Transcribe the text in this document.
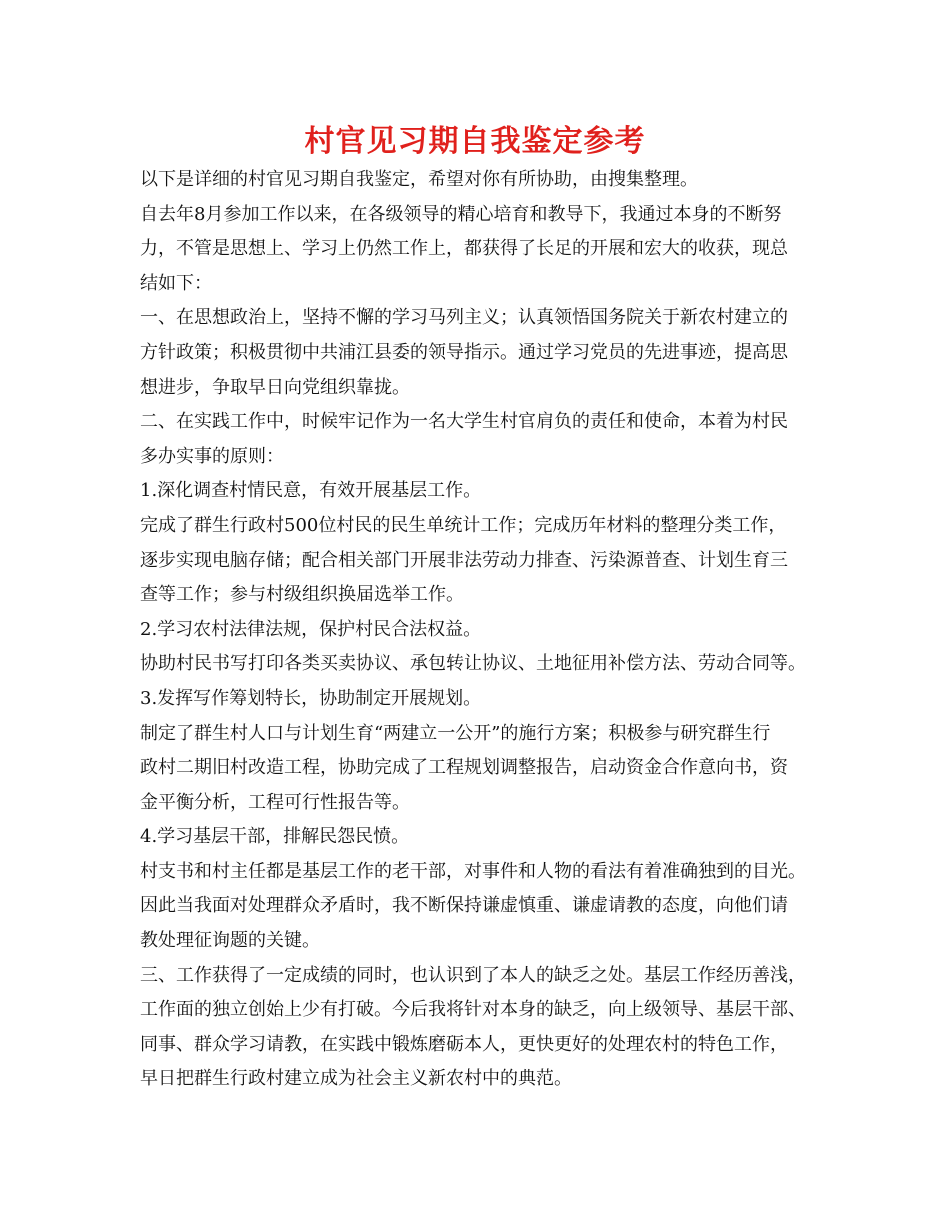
村官见习期自我鉴定参考
以下是详细的村官见习期自我鉴定，希望对你有所协助，由搜集整理。
自去年8月参加工作以来，在各级领导的精心培育和教导下，我通过本身的不断努
力，不管是思想上、学习上仍然工作上，都获得了长足的开展和宏大的收获，现总
结如下：
一、在思想政治上，坚持不懈的学习马列主义；认真领悟国务院关于新农村建立的
方针政策；积极贯彻中共浦江县委的领导指示。通过学习党员的先进事迹，提高思
想进步，争取早日向党组织靠拢。
二、在实践工作中，时候牢记作为一名大学生村官肩负的责任和使命，本着为村民
多办实事的原则：
1.深化调查村情民意，有效开展基层工作。
完成了群生行政村500位村民的民生单统计工作；完成历年材料的整理分类工作，
逐步实现电脑存储；配合相关部门开展非法劳动力排查、污染源普查、计划生育三
查等工作；参与村级组织换届选举工作。
2.学习农村法律法规，保护村民合法权益。
协助村民书写打印各类买卖协议、承包转让协议、土地征用补偿方法、劳动合同等。
3.发挥写作筹划特长，协助制定开展规划。
制定了群生村人口与计划生育“两建立一公开”的施行方案；积极参与研究群生行
政村二期旧村改造工程，协助完成了工程规划调整报告，启动资金合作意向书，资
金平衡分析，工程可行性报告等。
4.学习基层干部，排解民怨民愤。
村支书和村主任都是基层工作的老干部，对事件和人物的看法有着准确独到的目光。
因此当我面对处理群众矛盾时，我不断保持谦虚慎重、谦虚请教的态度，向他们请
教处理征询题的关键。
三、工作获得了一定成绩的同时，也认识到了本人的缺乏之处。基层工作经历善浅，
工作面的独立创始上少有打破。今后我将针对本身的缺乏，向上级领导、基层干部、
同事、群众学习请教，在实践中锻炼磨砺本人，更快更好的处理农村的特色工作，
早日把群生行政村建立成为社会主义新农村中的典范。
